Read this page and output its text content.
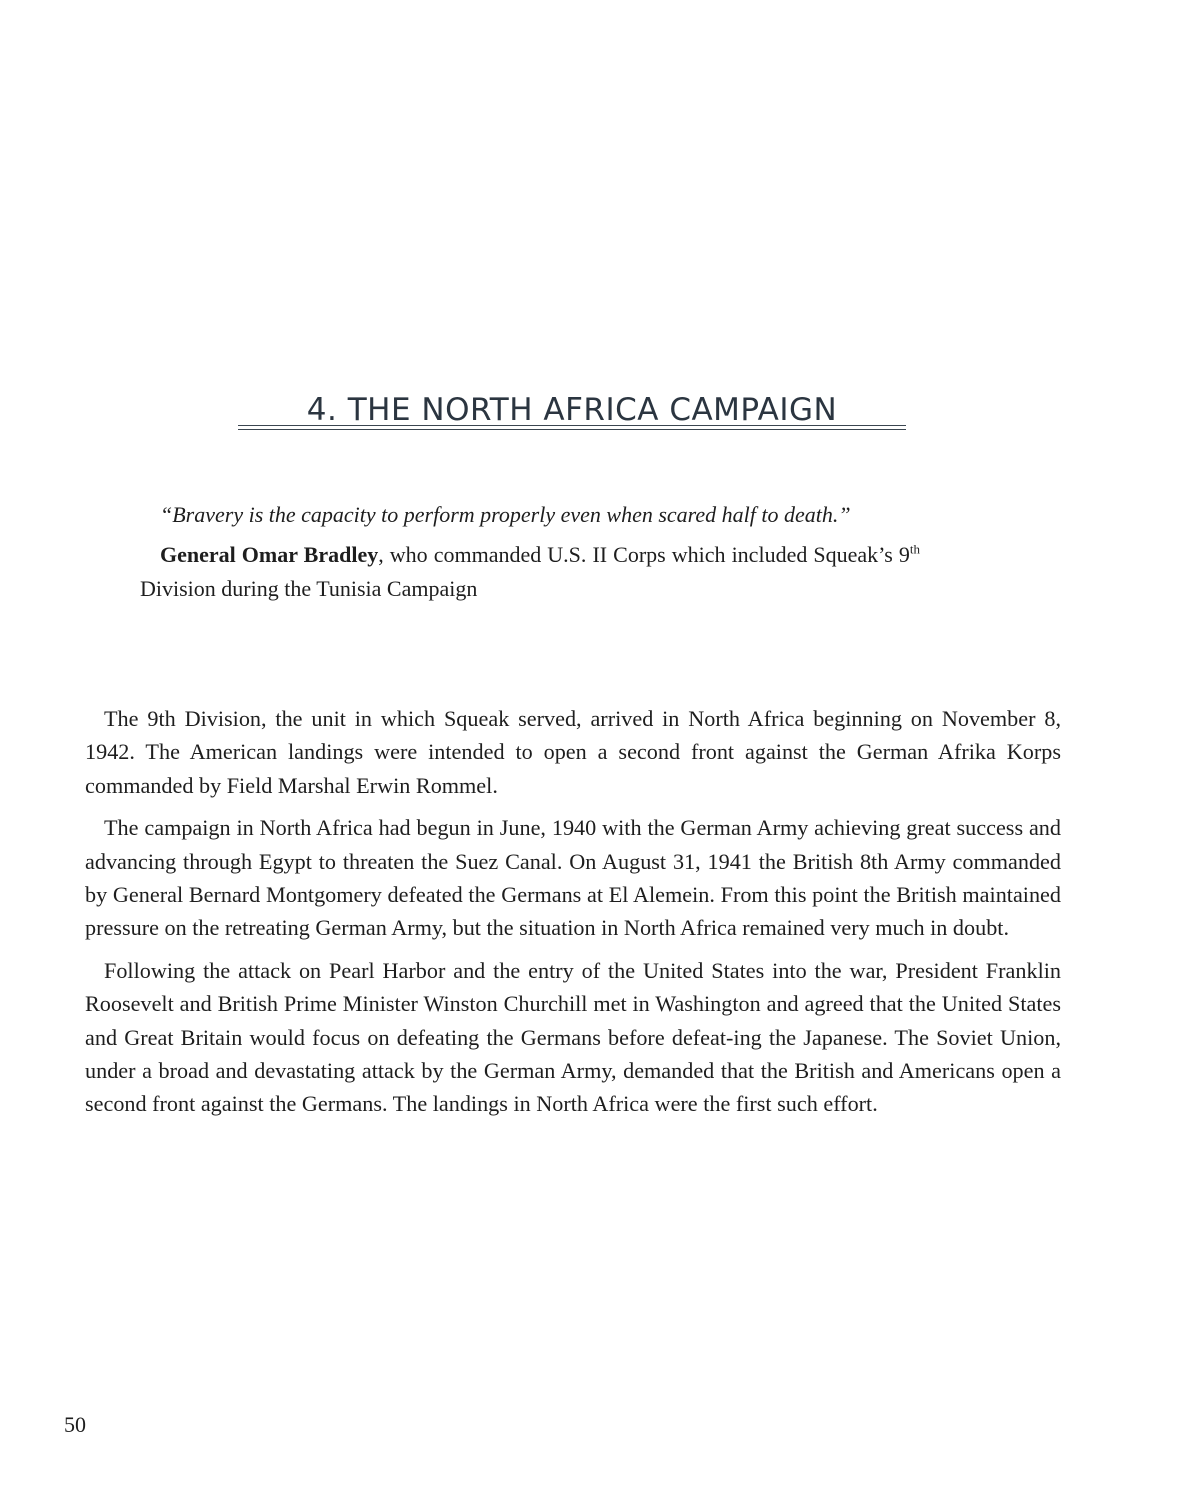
4. THE NORTH AFRICA CAMPAIGN

“Bravery is the capacity to perform properly even when scared half to death.”

General Omar Bradley, who commanded U.S. II Corps which included Squeak’s 9th Division during the Tunisia Campaign

The 9th Division, the unit in which Squeak served, arrived in North Africa beginning on November 8, 1942. The American landings were intended to open a second front against the German Afrika Korps commanded by Field Marshal Erwin Rommel.

The campaign in North Africa had begun in June, 1940 with the German Army achieving great success and advancing through Egypt to threaten the Suez Canal. On August 31, 1941 the British 8th Army commanded by General Bernard Montgomery defeated the Germans at El Alemein. From this point the British maintained pressure on the retreating German Army, but the situation in North Africa remained very much in doubt.

Following the attack on Pearl Harbor and the entry of the United States into the war, President Franklin Roosevelt and British Prime Minister Winston Churchill met in Washington and agreed that the United States and Great Britain would focus on defeating the Germans before defeat-ing the Japanese. The Soviet Union, under a broad and devastating attack by the German Army, demanded that the British and Americans open a second front against the Germans. The landings in North Africa were the first such effort.

50
